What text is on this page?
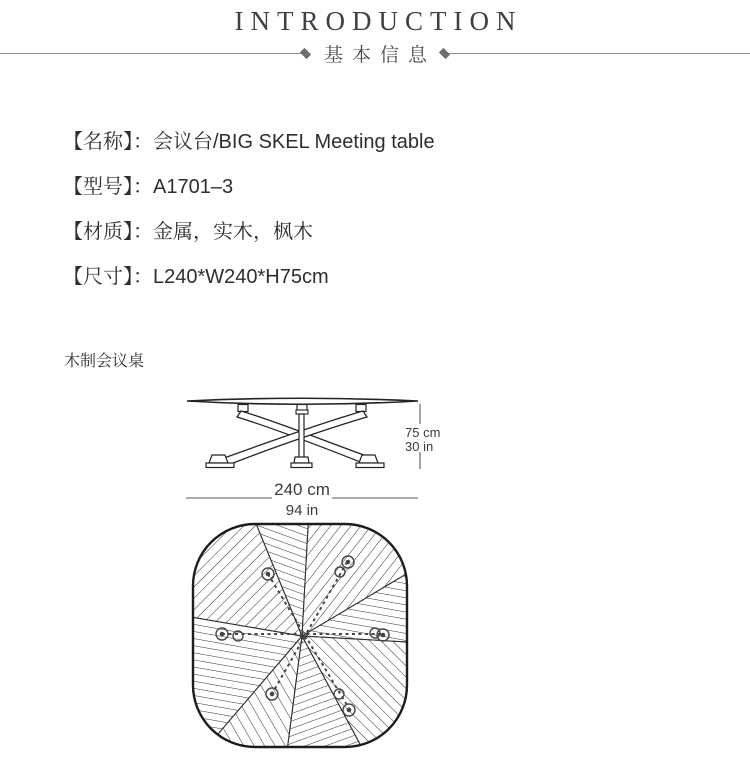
INTRODUCTION
基本信息
【名称】：会议台/BIG SKEL Meeting table
【型号】：A1701–3
【材质】：金属，实木，枫木
【尺寸】：L240*W240*H75cm
木制会议桌
75 cm
30 in
240 cm
94 in
